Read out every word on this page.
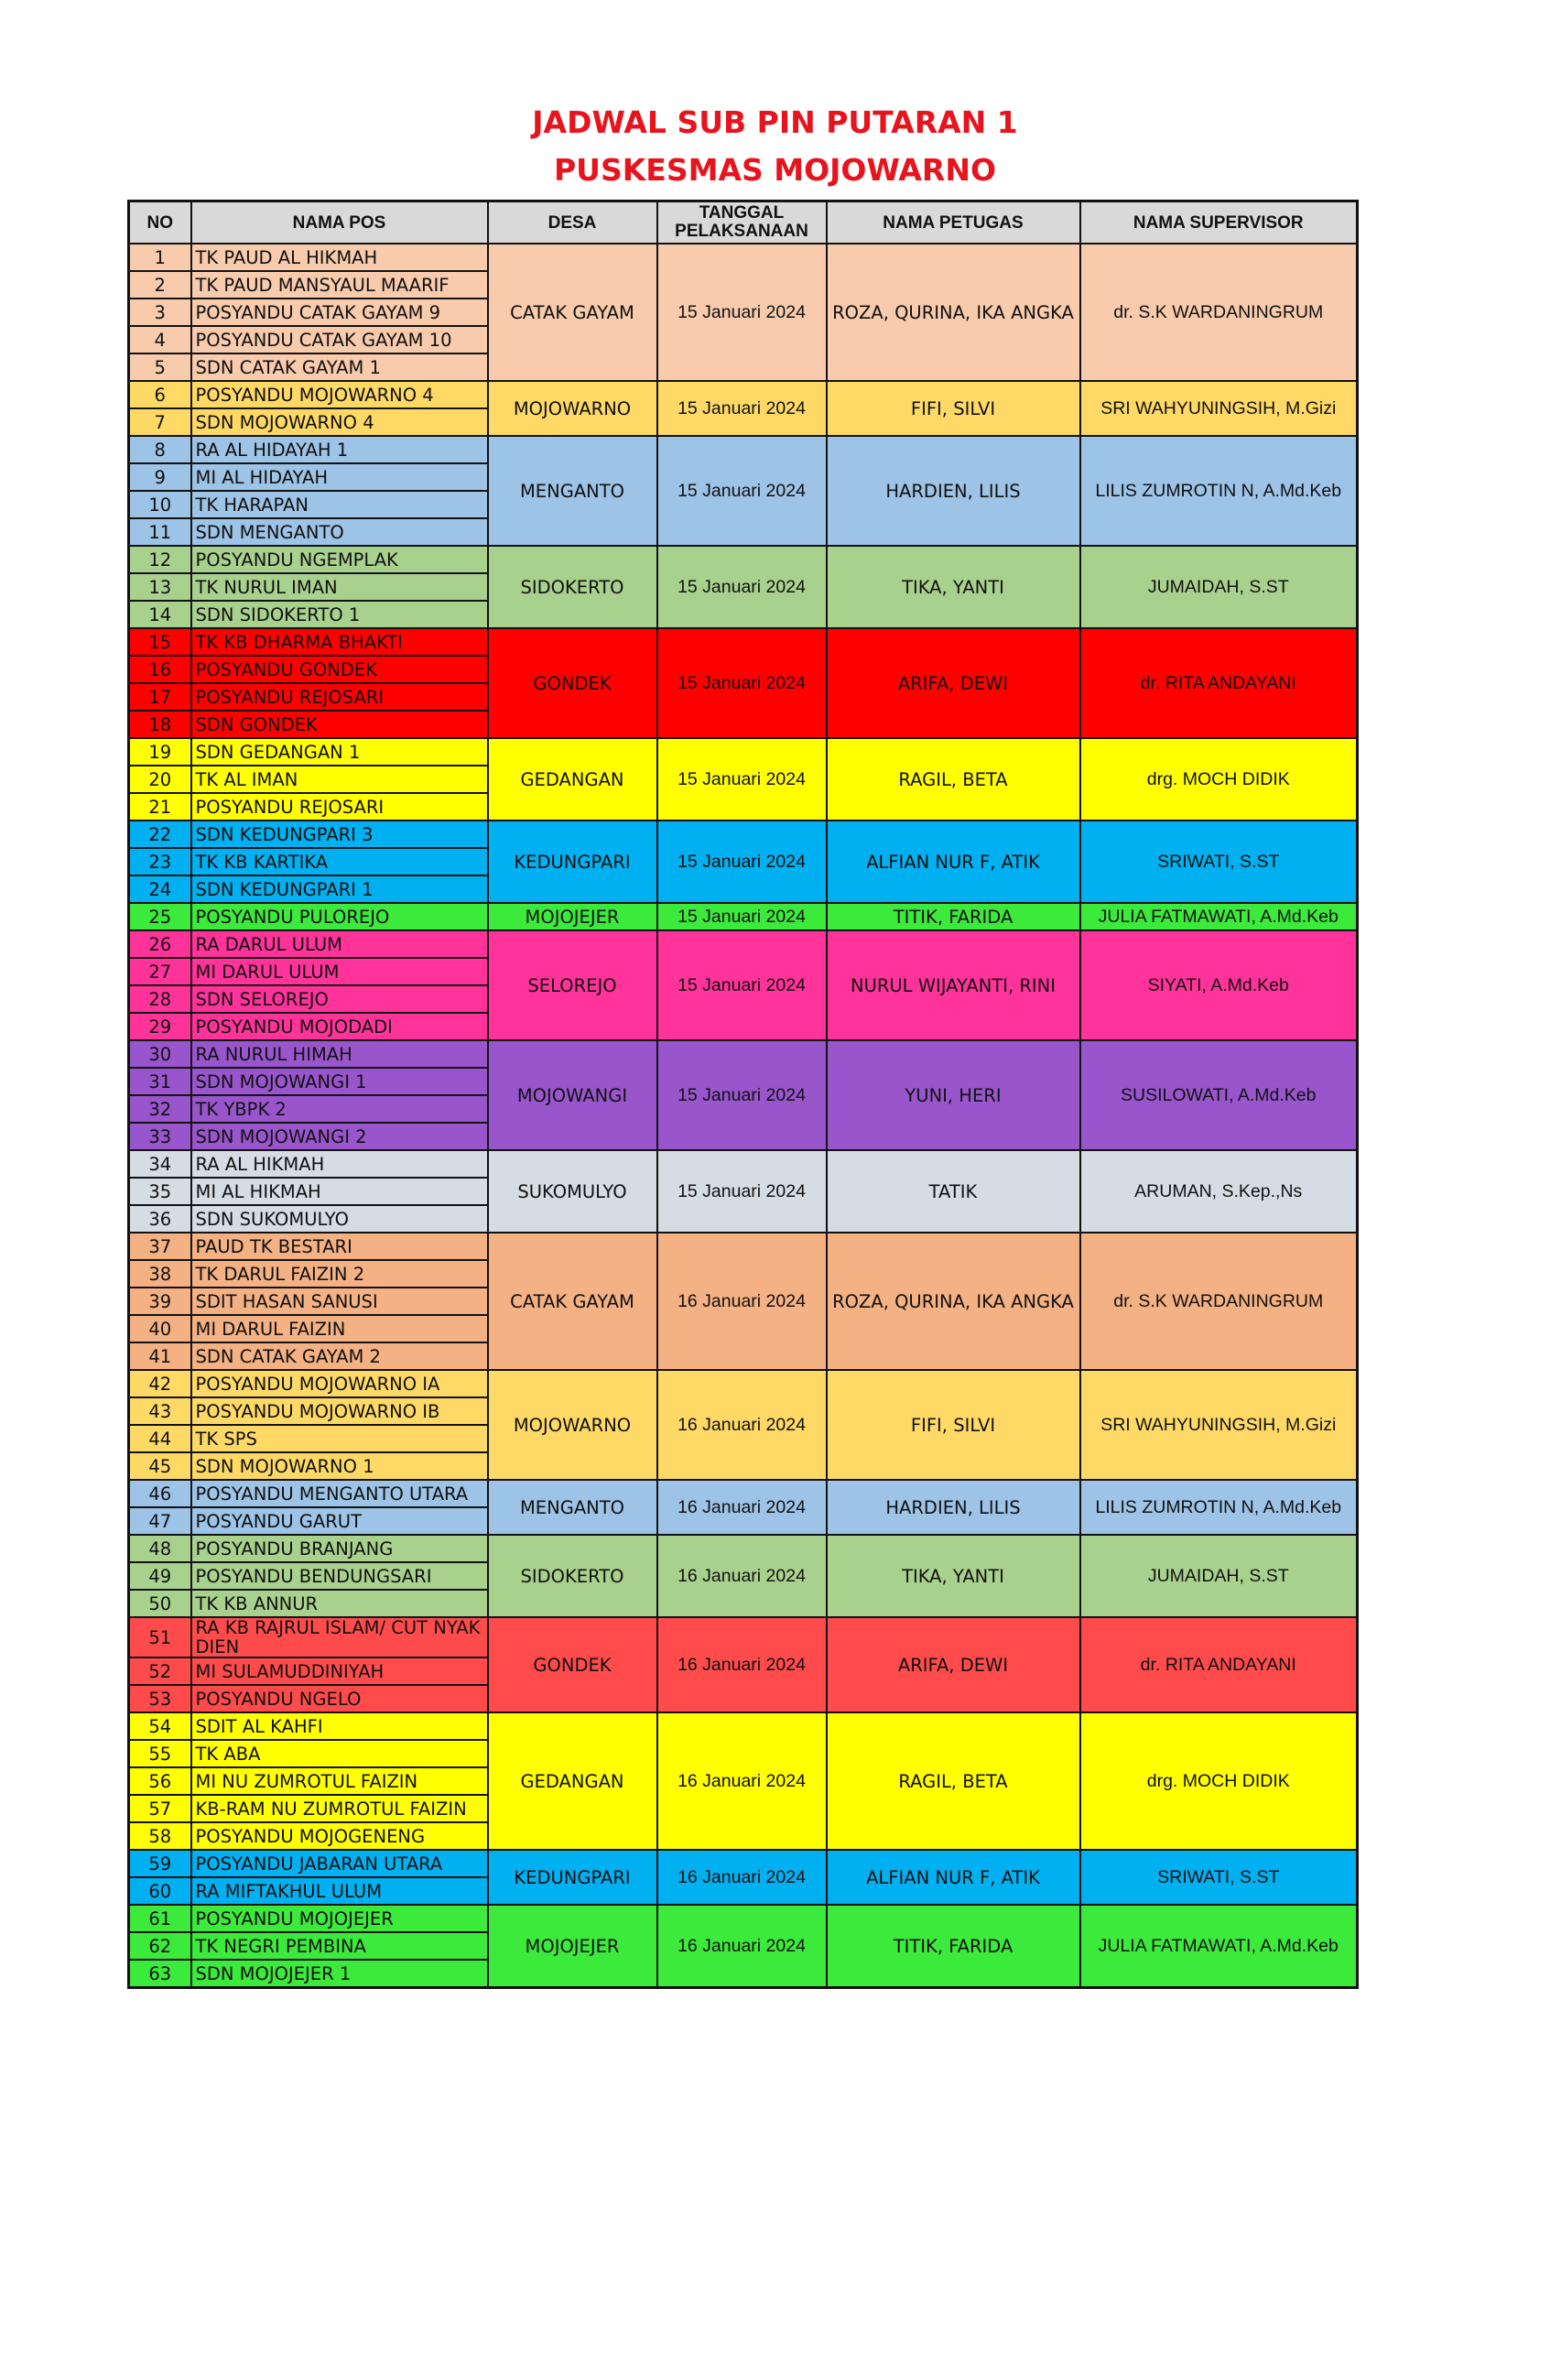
JADWAL SUB PIN PUTARAN 1
PUSKESMAS MOJOWARNO
NO	NAMA POS	DESA	TANGGAL PELAKSANAAN	NAMA PETUGAS	NAMA SUPERVISOR
1	TK PAUD AL HIKMAH	CATAK GAYAM	15 Januari 2024	ROZA, QURINA, IKA ANGKA	dr. S.K WARDANINGRUM
2	TK PAUD MANSYAUL MAARIF				
3	POSYANDU CATAK GAYAM 9				
4	POSYANDU CATAK GAYAM 10				
5	SDN CATAK GAYAM 1				
6	POSYANDU MOJOWARNO 4	MOJOWARNO	15 Januari 2024	FIFI, SILVI	SRI WAHYUNINGSIH, M.Gizi
7	SDN MOJOWARNO 4				
8	RA AL HIDAYAH 1	MENGANTO	15 Januari 2024	HARDIEN, LILIS	LILIS ZUMROTIN N, A.Md.Keb
9	MI AL HIDAYAH				
10	TK HARAPAN				
11	SDN MENGANTO				
12	POSYANDU NGEMPLAK	SIDOKERTO	15 Januari 2024	TIKA, YANTI	JUMAIDAH, S.ST
13	TK NURUL IMAN				
14	SDN SIDOKERTO 1				
15	TK KB DHARMA BHAKTI	GONDEK	15 Januari 2024	ARIFA, DEWI	dr. RITA ANDAYANI
16	POSYANDU GONDEK				
17	POSYANDU REJOSARI				
18	SDN GONDEK				
19	SDN GEDANGAN 1	GEDANGAN	15 Januari 2024	RAGIL, BETA	drg. MOCH DIDIK
20	TK AL IMAN				
21	POSYANDU REJOSARI				
22	SDN KEDUNGPARI 3	KEDUNGPARI	15 Januari 2024	ALFIAN NUR F, ATIK	SRIWATI, S.ST
23	TK KB KARTIKA				
24	SDN KEDUNGPARI 1				
25	POSYANDU PULOREJO	MOJOJEJER	15 Januari 2024	TITIK, FARIDA	JULIA FATMAWATI, A.Md.Keb
26	RA DARUL ULUM	SELOREJO	15 Januari 2024	NURUL WIJAYANTI, RINI	SIYATI, A.Md.Keb
27	MI DARUL ULUM				
28	SDN SELOREJO				
29	POSYANDU MOJODADI				
30	RA NURUL HIMAH	MOJOWANGI	15 Januari 2024	YUNI, HERI	SUSILOWATI, A.Md.Keb
31	SDN MOJOWANGI 1				
32	TK YBPK 2				
33	SDN MOJOWANGI 2				
34	RA AL HIKMAH	SUKOMULYO	15 Januari 2024	TATIK	ARUMAN, S.Kep.,Ns
35	MI AL HIKMAH				
36	SDN SUKOMULYO				
37	PAUD TK BESTARI	CATAK GAYAM	16 Januari 2024	ROZA, QURINA, IKA ANGKA	dr. S.K WARDANINGRUM
38	TK DARUL FAIZIN 2				
39	SDIT HASAN SANUSI				
40	MI DARUL FAIZIN				
41	SDN CATAK GAYAM 2				
42	POSYANDU MOJOWARNO IA	MOJOWARNO	16 Januari 2024	FIFI, SILVI	SRI WAHYUNINGSIH, M.Gizi
43	POSYANDU MOJOWARNO IB				
44	TK SPS				
45	SDN MOJOWARNO 1				
46	POSYANDU MENGANTO UTARA	MENGANTO	16 Januari 2024	HARDIEN, LILIS	LILIS ZUMROTIN N, A.Md.Keb
47	POSYANDU GARUT				
48	POSYANDU BRANJANG	SIDOKERTO	16 Januari 2024	TIKA, YANTI	JUMAIDAH, S.ST
49	POSYANDU BENDUNGSARI				
50	TK KB ANNUR				
51	RA KB RAJRUL ISLAM/ CUT NYAK DIEN	GONDEK	16 Januari 2024	ARIFA, DEWI	dr. RITA ANDAYANI
52	MI SULAMUDDINIYAH				
53	POSYANDU NGELO				
54	SDIT AL KAHFI	GEDANGAN	16 Januari 2024	RAGIL, BETA	drg. MOCH DIDIK
55	TK ABA				
56	MI NU ZUMROTUL FAIZIN				
57	KB-RAM NU ZUMROTUL FAIZIN				
58	POSYANDU MOJOGENENG				
59	POSYANDU JABARAN UTARA	KEDUNGPARI	16 Januari 2024	ALFIAN NUR F, ATIK	SRIWATI, S.ST
60	RA MIFTAKHUL ULUM				
61	POSYANDU MOJOJEJER	MOJOJEJER	16 Januari 2024	TITIK, FARIDA	JULIA FATMAWATI, A.Md.Keb
62	TK NEGRI PEMBINA				
63	SDN MOJOJEJER 1				
